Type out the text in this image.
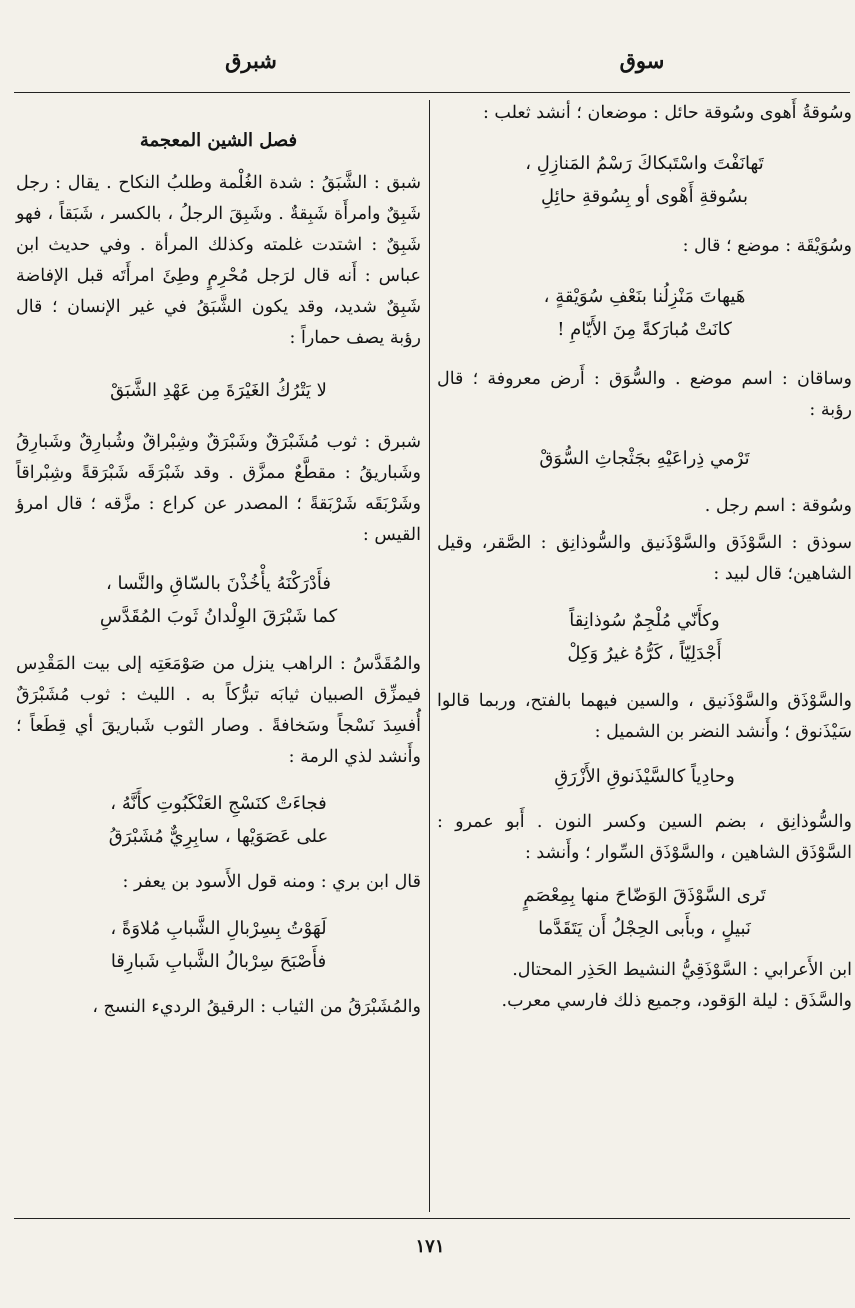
سوق
شبرق

وسُوقةُ أَهوى وسُوقة حائل : موضعان ؛ أنشد ثعلب :

تَهانَفْتَ واسْتَبكاكَ رَسْمُ المَنازِلِ ،

بسُوقةِ أَهْوى أو بِسُوقةِ حائِلِ

وسُوَيْقَة : موضع ؛ قال :

هَيهاتَ مَنْزِلُنا بنَعْفِ سُوَيْقةٍ ،

كانَتْ مُبارَكةً مِنَ الأَيّامِ !

وساقان : اسم موضع . والسُّوَق : أَرض معروفة ؛ قال رؤبة :

تَرْمي ذِراعَيْهِ بجَثْجاثِ السُّوَقْ

وسُوقة : اسم رجل .

سوذق : السَّوْذَق والسَّوْذَنيق والسُّوذانِق : الصَّقر، وقيل الشاهين؛ قال لبيد :

وكأَنّي مُلْجِمٌ سُوذانِقاً

أَجْدَلِيّاً ، كَرُّهُ غيرُ وَكِلْ

والسَّوْذَق والسَّوْذَنيق ، والسين فيهما بالفتح، وربما قالوا سَيْذَنوق ؛ وأَنشد النضر بن الشميل :

وحادِياً كالسَّيْذَنوقِ الأَزْرَقِ

والسُّوذانِق ، بضم السين وكسر النون . أَبو عمرو : السَّوْذَق الشاهين ، والسَّوْذَق السِّوار ؛ وأَنشد :

تَرى السَّوْذَقَ الوَضّاحَ منها بِمِعْصَمٍ

نَبيلٍ ، وبأَبى الحِجْلُ أَن يَتَقَدَّما

ابن الأَعرابي : السَّوْذَقِيُّ النشيط الحَذِر المحتال.

والسَّذَق : ليلة الوَقود، وجميع ذلك فارسي معرب.

فصل الشين المعجمة

شبق : الشَّبَقُ : شدة الغُلْمة وطلبُ النكاح . يقال : رجل شَبِقٌ وامرأَة شَبِقةٌ . وشَبِقَ الرجلُ ، بالكسر ، شَبَقاً ، فهو شَبِقٌ : اشتدت غلمته وكذلك المرأة . وفي حديث ابن عباس : أَنه قال لرَجل مُحْرِمٍ وطِئَ امرأَتَه قبل الإفاضة شَبِقٌ شديد، وقد يكون الشَّبَقُ في غير الإنسان ؛ قال رؤبة يصف حماراً :

لا يَتْرُكُ الغَيْرَةَ مِن عَهْدِ الشَّبَقْ

شبرق : ثوب مُشَبْرَقٌ وشَبْرَقٌ وشِبْراقٌ وشُبارِقٌ وشَبارِقُ وشَباريقُ : مقطَّعٌ ممزَّق . وقد شَبْرَقَه شَبْرَقةً وشِبْراقاً وشَرْبَقَه شَرْبَقةً ؛ المصدر عن كراع : مزَّقه ؛ قال امرؤ القيس :

فأَدْرَكْنَهُ يأْخُذْنَ بالسّاقِ والنَّسا ،

كما شَبْرَقَ الوِلْدانُ ثَوبَ المُقَدَّسِ

والمُقَدَّسُ : الراهب ينزل من صَوْمَعَتِه إلى بيت المَقْدِس فيمزِّق الصبيان ثيابَه تبرُّكاً به . الليث : ثوب مُشَبْرَقٌ أُفسِدَ نَسْجاً وسَخافةً . وصار الثوب شَباريقَ أي قِطَعاً ؛ وأَنشد لذي الرمة :

فجاءَتْ كنَسْجِ العَنْكَبُوتِ كأَنَّهُ ،

على عَصَوَيْها ، سابِرِيٌّ مُشَبْرَقُ

قال ابن بري : ومنه قول الأَسود بن يعفر :

لَهَوْتُ بِسِرْبالِ الشَّبابِ مُلاوَةً ،

فأَصْبَحَ سِرْبالُ الشَّبابِ شَبارِقا

والمُشَبْرَقُ من الثياب : الرقيقُ الرديء النسج ،

١٧١
